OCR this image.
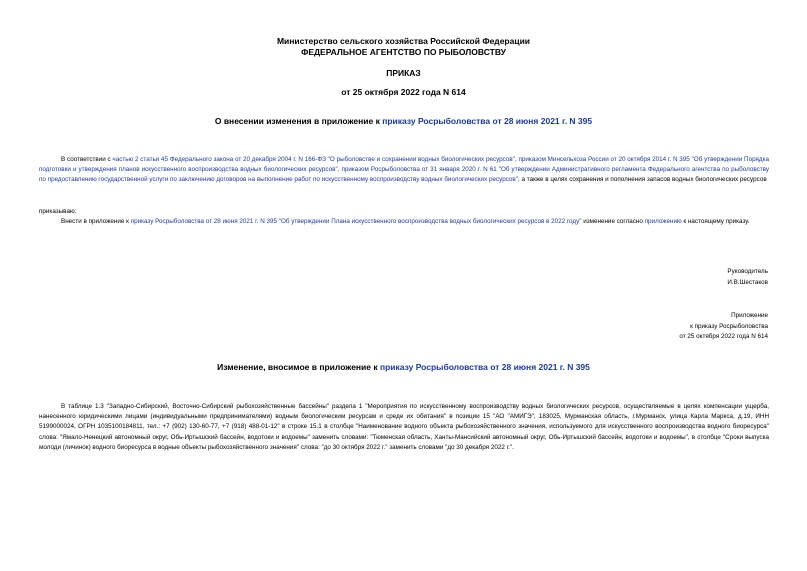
Министерство сельского хозяйства Российской Федерации
ФЕДЕРАЛЬНОЕ АГЕНТСТВО ПО РЫБОЛОВСТВУ
ПРИКАЗ
от 25 октября 2022 года N 614
О внесении изменения в приложение к приказу Росрыболовства от 28 июня 2021 г. N 395
В соответствии с частью 2 статьи 45 Федерального закона от 20 декабря 2004 г. N 166-ФЗ "О рыболовстве и сохранении водных биологических ресурсов", приказом Минсельхоза России от 20 октября 2014 г. N 395 "Об утверждении Порядка подготовки и утверждения планов искусственного воспроизводства водных биологических ресурсов", приказом Росрыболовства от 31 января 2020 г. N 61 "Об утверждении Административного регламента Федерального агентства по рыболовству по предоставлению государственной услуги по заключению договоров на выполнение работ по искусственному воспроизводству водных биологических ресурсов", а также в целях сохранения и пополнения запасов водных биологических ресурсов
приказываю:
Внести в приложение к приказу Росрыболовства от 28 июня 2021 г. N 395 "Об утверждении Плана искусственного воспроизводства водных биологических ресурсов в 2022 году" изменение согласно приложению к настоящему приказу.
Руководитель
И.В.Шестаков
Приложение
к приказу Росрыболовства
от 25 октября 2022 года N 614
Изменение, вносимое в приложение к приказу Росрыболовства от 28 июня 2021 г. N 395
В таблице 1.3 "Западно-Сибирский, Восточно-Сибирский рыбохозяйственные бассейны" раздела 1 "Мероприятия по искусственному воспроизводству водных биологических ресурсов, осуществляемые в целях компенсации ущерба, нанесенного юридическими лицами (индивидуальными предпринимателями) водным биологическим ресурсам и среде их обитания" в позиции 15 "АО "АМИГЭ", 183025, Мурманская область, г.Мурманск, улица Карла Маркса, д.19, ИНН 5199000024, ОГРН 1035100184811, тел.: +7 (902) 130-60-77, +7 (918) 488-01-12" в строке 15.1 в столбце "Наименование водного объекта рыбохозяйственного значения, используемого для искусственного воспроизводства водного биоресурса" слова: "Ямало-Ненецкий автономный округ, Обь-Иртышский бассейн, водотоки и водоемы" заменить словами: "Тюменская область, Ханты-Мансийский автономный округ, Обь-Иртышский бассейн, водотоки и водоемы", в столбце "Сроки выпуска молоди (личинок) водного биоресурса в водные объекты рыбохозяйственного значения" слова: "до 30 октября 2022 г." заменить словами "до 30 декабря 2022 г.".
